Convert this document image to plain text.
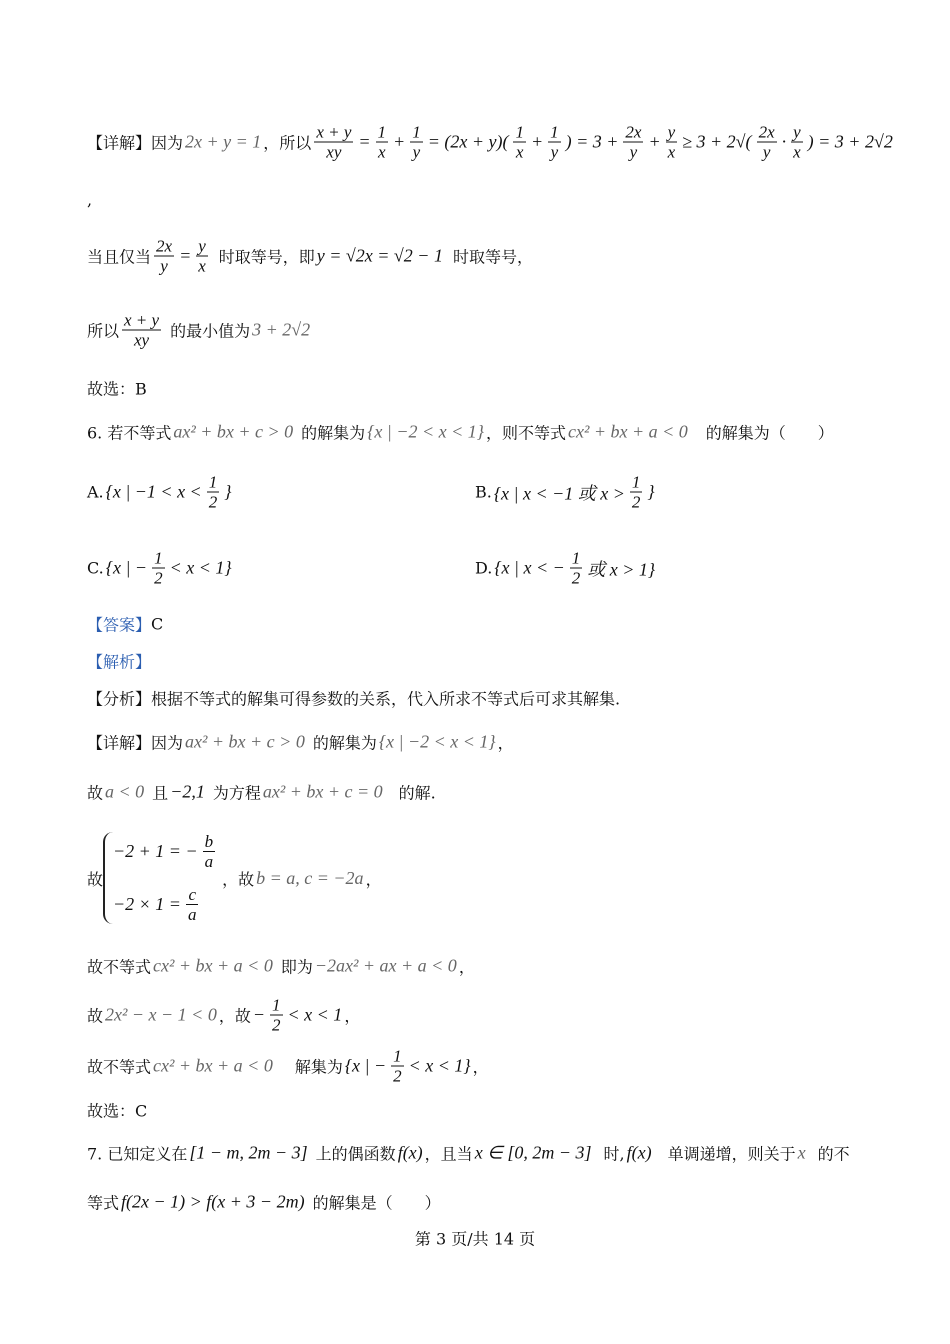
【详解】因为 2x + y = 1 ，所以 $\frac{x + y}{xy} = \frac{1}{x} + \frac{1}{y} = (2x + y)$( 1
x
+ $\frac{1}{y}$ ) = $3 + \frac{2x}{y} + \frac{y}{x} \ge 3 + 2√$( 2x
y
· y
x
) = 3 + 2√2
,
当且仅当 $\frac{2x}{y} = \frac{y}{x}$ 时取等号，即 y = √2x = √2 − 1 时取等号，
所以
x + y
xy 的最小值为 3 + 2√2
故选：B
6. 若不等式 ax² + bx + c > 0 的解集为 {x | −2 < x < 1} ，则不等式 cx² + bx + a < 0 的解集为（　　）
A. {x | −1 < x < 1
2
}	B. {x | x < −1 或 x >
1
2
}
C. {x | − $\frac{1}{2} < x < 1$}	D. {x | x < − $\frac{1}{2}$ 或 x > 1}
【答案】 C
【解析】
【分析】 根据不等式的解集可得参数的关系，代入所求不等式后可求其解集.
【详解】因为 ax² + bx + c > 0 的解集为 {x | −2 < x < 1} ，
故 a < 0 且 −2,1 为方程 ax² + bx + c = 0 的解.
故
−2 + 1 = − $\frac{b}{a}$
$-2 \times 1 = \frac{c}{a}$
，故 b = a, c = −2a ，
故不等式 cx² + bx + a < 0 即为 −2ax² + ax + a < 0 ，
故 2x² − x − 1 < 0 ，故 − $\frac{1}{2} < x < 1$ ，
故不等式 cx² + bx + a < 0 解集为 {x | − $\frac{1}{2} < x < 1$} ，
故选：C
7. 已知定义在 [1 − m, 2m − 3] 上的偶函数 f(x) ，且当 x ∈ [0, 2m − 3] 时, f(x) 单调递增，则关于 x 的不
等式 f(2x − 1) > f(x + 3 − 2m) 的解集是（　　）
第 3 页/共 14 页
